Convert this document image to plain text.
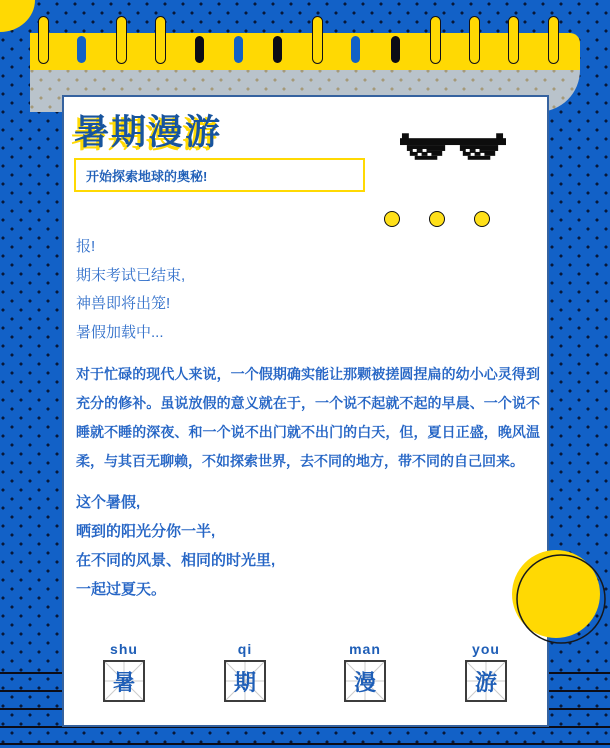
暑期漫游
开始探索地球的奥秘!
报!
期末考试已结束,
神兽即将出笼!
暑假加载中...
对于忙碌的现代人来说，一个假期确实能让那颗被搓圆捏扁的幼小心灵得到充分的修补。虽说放假的意义就在于，一个说不起就不起的早晨、一个说不睡就不睡的深夜、和一个说不出门就不出门的白天，但，夏日正盛，晚风温柔，与其百无聊赖，不如探索世界，去不同的地方，带不同的自己回来。
这个暑假,
晒到的阳光分你一半,
在不同的风景、相同的时光里,
一起过夏天。
shu
暑
qi
期
man
漫
you
游
